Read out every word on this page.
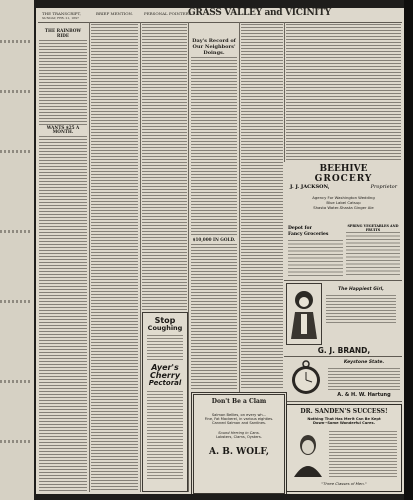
THE TRANSCRIPT,
SUNDAY, FEB. 21, 1897
BRIEF MENTION.	PERSONAL POINTERS.
GRASS VALLEY and VICINITY
THE RAINBOW RIDE
WANTS $25 A MONTH.
Stop
Coughing
Ayer's
Cherry
Pectoral
Day's Record of Our Neighbors' Doings.
$10,000 IN GOLD.
BEEHIVE
GROCERY
J. J. JACKSON,	Proprietor
Agency For Washington Wedding
Blue Label Catsup
Shasta Water-Shasta Ginger Ale
Depot for
Fancy Groceries
SPRING VEGETABLES AND FRUITS
The Happiest Girl,
G. J. BRAND,
Keystone State.
A. & H. W. Hartung
Don't Be a Clam
Salmon Bellies, on every wh...
Fine, Fat Mackerel, in various eighties.
Canned Salmon and Sardines.
Sound Herring in Cans.
Lobsters, Clams, Oysters.
A. B. WOLF,
DR. SANDEN'S SUCCESS!
Nothing That Has Merit Can Be Kept
Down--Some Wonderful Cures.
"Three Classes of Men."
